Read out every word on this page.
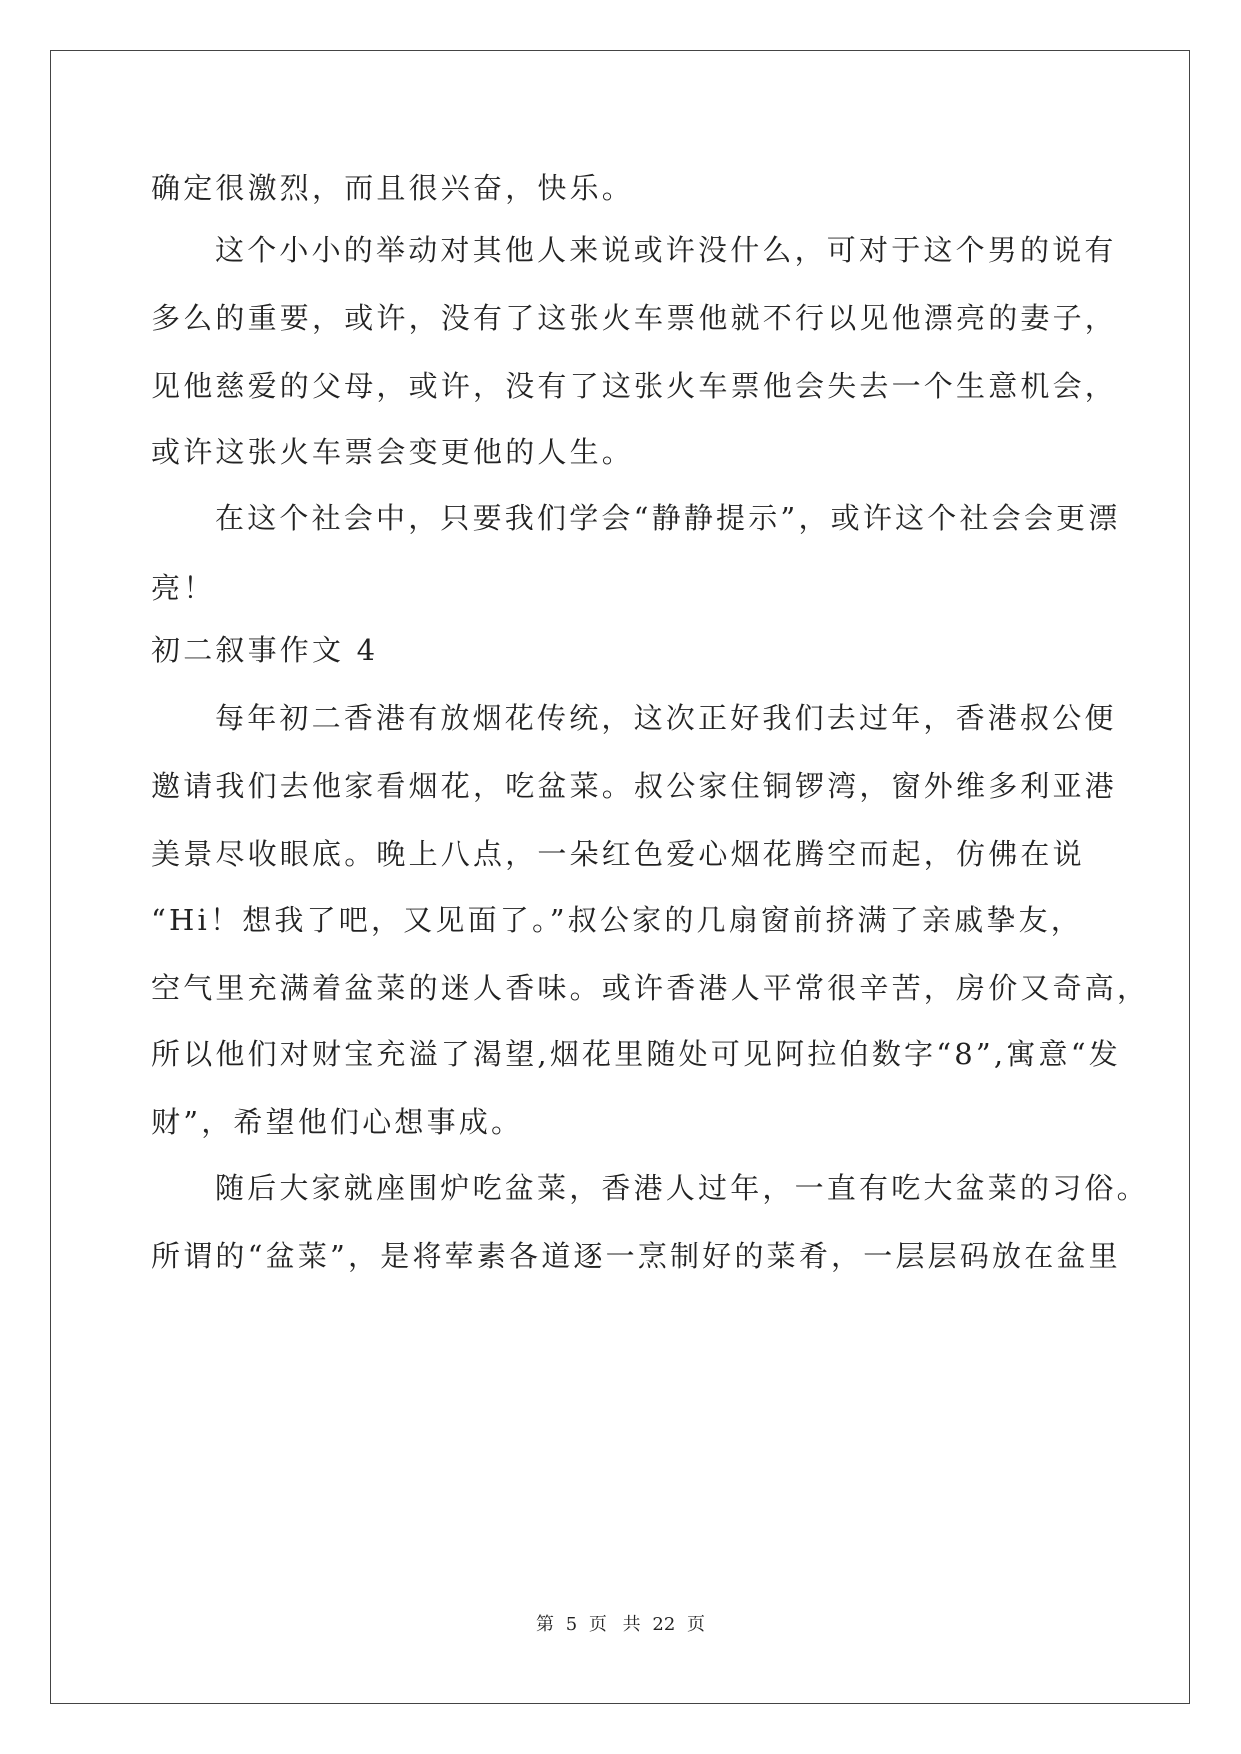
确定很激烈，而且很兴奋，快乐。
这个小小的举动对其他人来说或许没什么，可对于这个男的说有
多么的重要，或许，没有了这张火车票他就不行以见他漂亮的妻子，
见他慈爱的父母，或许，没有了这张火车票他会失去一个生意机会，
或许这张火车票会变更他的人生。
在这个社会中，只要我们学会“静静提示”，或许这个社会会更漂
亮！
初二叙事作文 4
每年初二香港有放烟花传统，这次正好我们去过年，香港叔公便
邀请我们去他家看烟花，吃盆菜。叔公家住铜锣湾，窗外维多利亚港
美景尽收眼底。晚上八点，一朵红色爱心烟花腾空而起，仿佛在说
“Hi！想我了吧，又见面了。”叔公家的几扇窗前挤满了亲戚挚友，
空气里充满着盆菜的迷人香味。或许香港人平常很辛苦，房价又奇高，
所以他们对财宝充溢了渴望,烟花里随处可见阿拉伯数字“8”,寓意“发
财”，希望他们心想事成。
随后大家就座围炉吃盆菜，香港人过年，一直有吃大盆菜的习俗。
所谓的“盆菜”，是将荤素各道逐一烹制好的菜肴，一层层码放在盆里
第 5 页 共 22 页
